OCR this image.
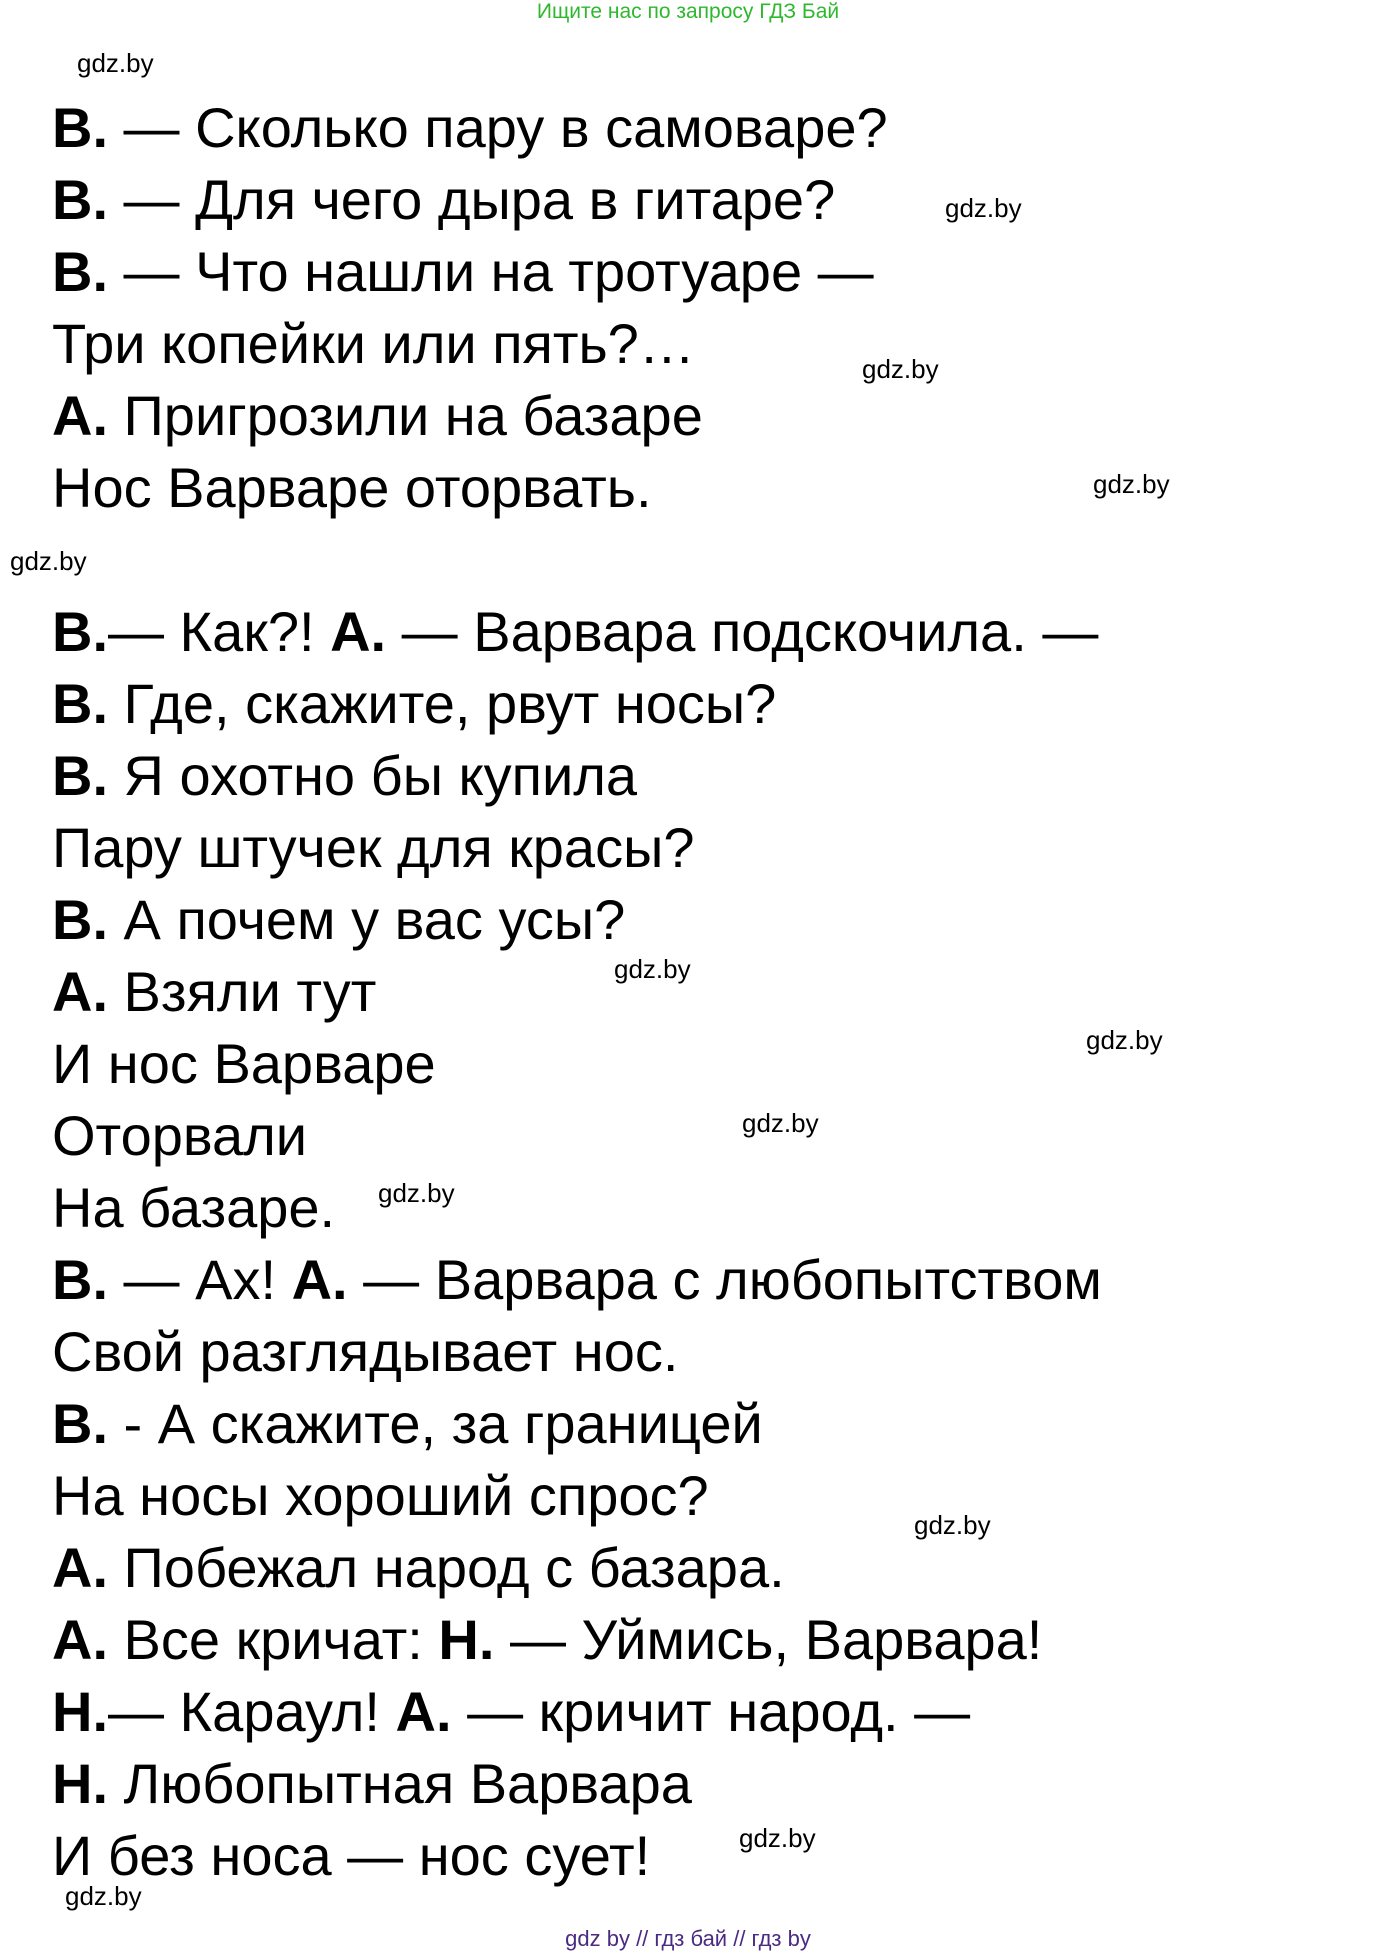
Ищите нас по запросу ГДЗ Бай
gdz.by
gdz.by
gdz.by
gdz.by
gdz.by
gdz.by
gdz.by
gdz.by
gdz.by
gdz.by
gdz.by
gdz.by
В. — Сколько пару в самоваре?
В. — Для чего дыра в гитаре?
В. — Что нашли на тротуаре —
Три копейки или пять?…
А. Пригрозили на базаре
Нос Варваре оторвать.
В.— Как?! А. — Варвара подскочила. —
В. Где, скажите, рвут носы?
В. Я охотно бы купила
Пару штучек для красы?
В. А почем у вас усы?
А. Взяли тут
И нос Варваре
Оторвали
На базаре.
В. — Ах! А. — Варвара с любопытством
Свой разглядывает нос.
В. - А скажите, за границей
На носы хороший спрос?
А. Побежал народ с базара.
А. Все кричат: Н. — Уймись, Варвара!
Н.— Караул! А. — кричит народ. —
Н. Любопытная Варвара
И без носа — нос сует!
gdz by // гдз бай // гдз by
